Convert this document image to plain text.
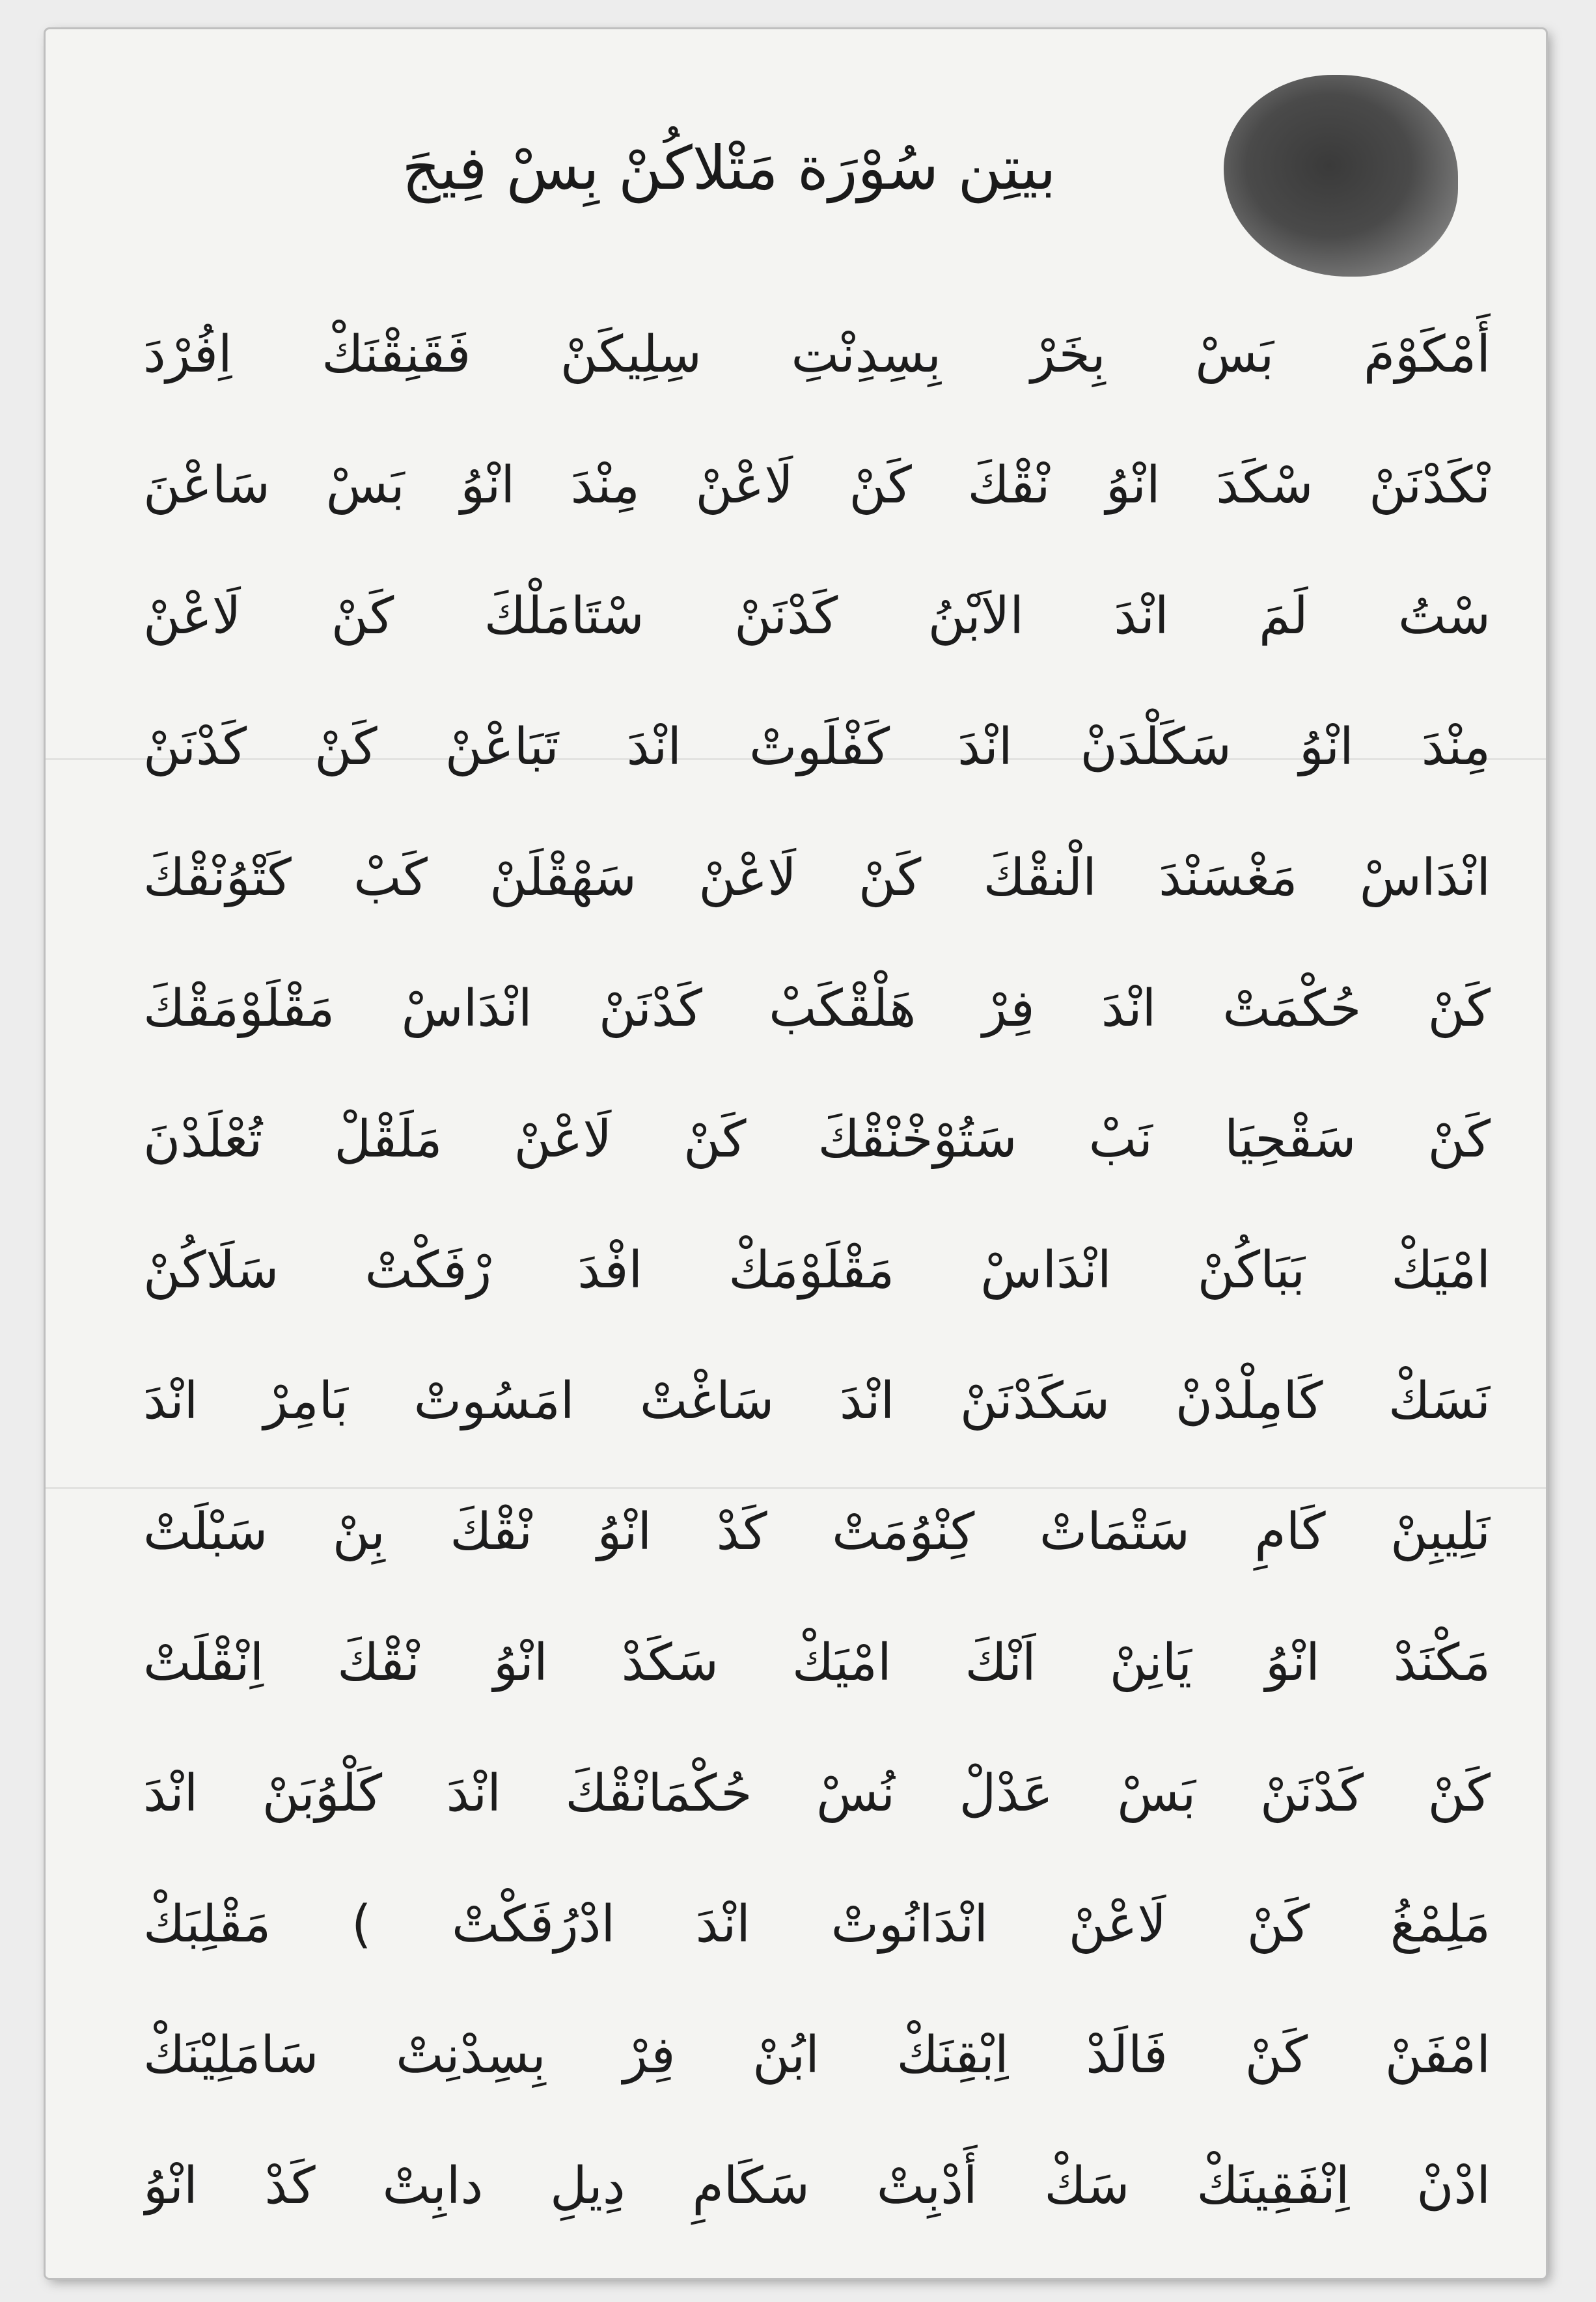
بيتِن سُوْرَة مَتْلاكُنْ بِسْ فِيجَ
أَمْكَوْمَ بَسْ بِخَرْ بِسِدِنْتِ سِلِيكَنْ فَقَنِقْنَكْ اِفُرْدَ
نْكَدْنَنْ سْكَدَ انْوُ نْقْكَ كَنْ لَاعْنْ مِنْدَ انْوُ بَسْ سَاعْنَ
سْتُ لَمَ انْدَ الاَبْنُ كَدْنَنْ سْتَامَلْكَ كَنْ لَاعْنْ
مِنْدَ انْوُ سَكَلْدَنْ انْدَ كَفْلَوتْ انْدَ تَبَاعْنْ كَنْ كَدْنَنْ
انْدَاسْ مَغْسَنْدَ الْنقْكَ كَنْ لَاعْنْ سَهْقْلَنْ كَبْ كَتْوُنْقْكَ
كَنْ حُكْمَتْ انْدَ فِرْ هَلْقْكَبْ كَدْنَنْ انْدَاسْ مَقْلَوْمَقْكَ
كَنْ سَقْحِيَا نَبْ سَتُوْخْنْقْكَ كَنْ لَاعْنْ مَلَقْلْ تُعْلَدْنَ
امْيَكْ بَبَاكُنْ انْدَاسْ مَقْلَوْمَكْ افْدَ رْفَكْتْ سَلَاكُنْ
نَسَكْ كَامِلْدْنْ سَكَدْنَنْ انْدَ سَاغْتْ امَسُوتْ بَامِرْ انْدَ
نَلِيبِنْ كَامِ سَتْمَاتْ كِنْوُمَتْ كَدْ انْوُ نْقْكَ بِنْ سَبْلَتْ
مَكْنَدْ انْوُ يَانِنْ اَنْكَ امْيَكْ سَكَدْ انْوُ نْقْكَ اِنْقْلَتْ
كَنْ كَدْنَنْ بَسْ عَدْلْ نُسْ حُكْمَانْقْكَ انْدَ كَلْوُبَنْ انْدَ
مَلِمْغُ كَنْ لَاعْنْ انْدَانُوتْ انْدَ ادْرُفَكْتْ ) مَقْلِبَكْ
امْفَنْ كَنْ فَالَدْ اِبْقِنَكْ ابُنْ فِرْ بِسِدْنِتْ سَامَلِيْنَكْ
ادْنْ اِنْفَقِينَكْ سَكْ أَدْبِتْ سَكَامِ دِيلِ دابِتْ كَدْ انْوُ
